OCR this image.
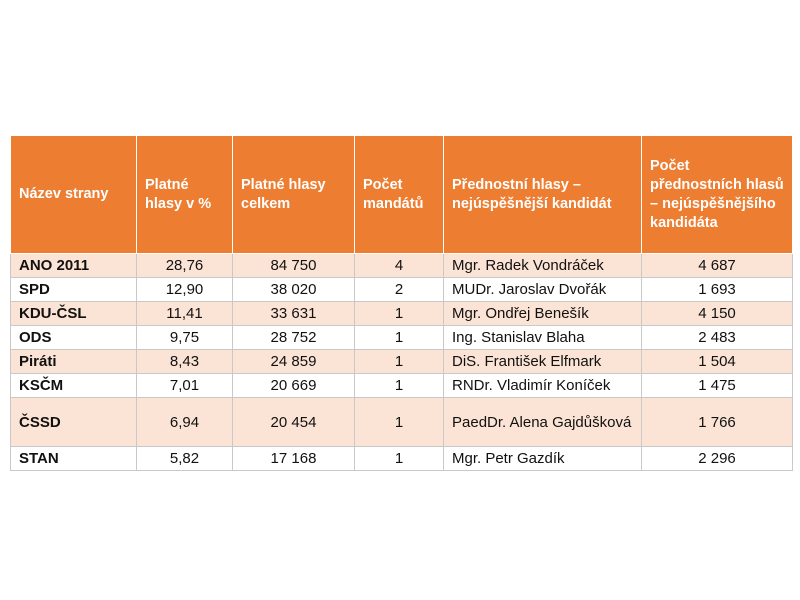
Název strany	Platné hlasy v %	Platné hlasy celkem	Počet mandátů	Přednostní hlasy – nejúspěšnější kandidát	Počet přednostních hlasů – nejúspěšnějšího kandidáta
ANO 2011	28,76	84 750	4	Mgr. Radek Vondráček	4 687
SPD	12,90	38 020	2	MUDr. Jaroslav Dvořák	1 693
KDU-ČSL	11,41	33 631	1	Mgr. Ondřej Benešík	4 150
ODS	9,75	28 752	1	Ing. Stanislav Blaha	2 483
Piráti	8,43	24 859	1	DiS. František Elfmark	1 504
KSČM	7,01	20 669	1	RNDr. Vladimír Koníček	1 475
ČSSD	6,94	20 454	1	PaedDr. Alena Gajdůšková	1 766
STAN	5,82	17 168	1	Mgr. Petr Gazdík	2 296
